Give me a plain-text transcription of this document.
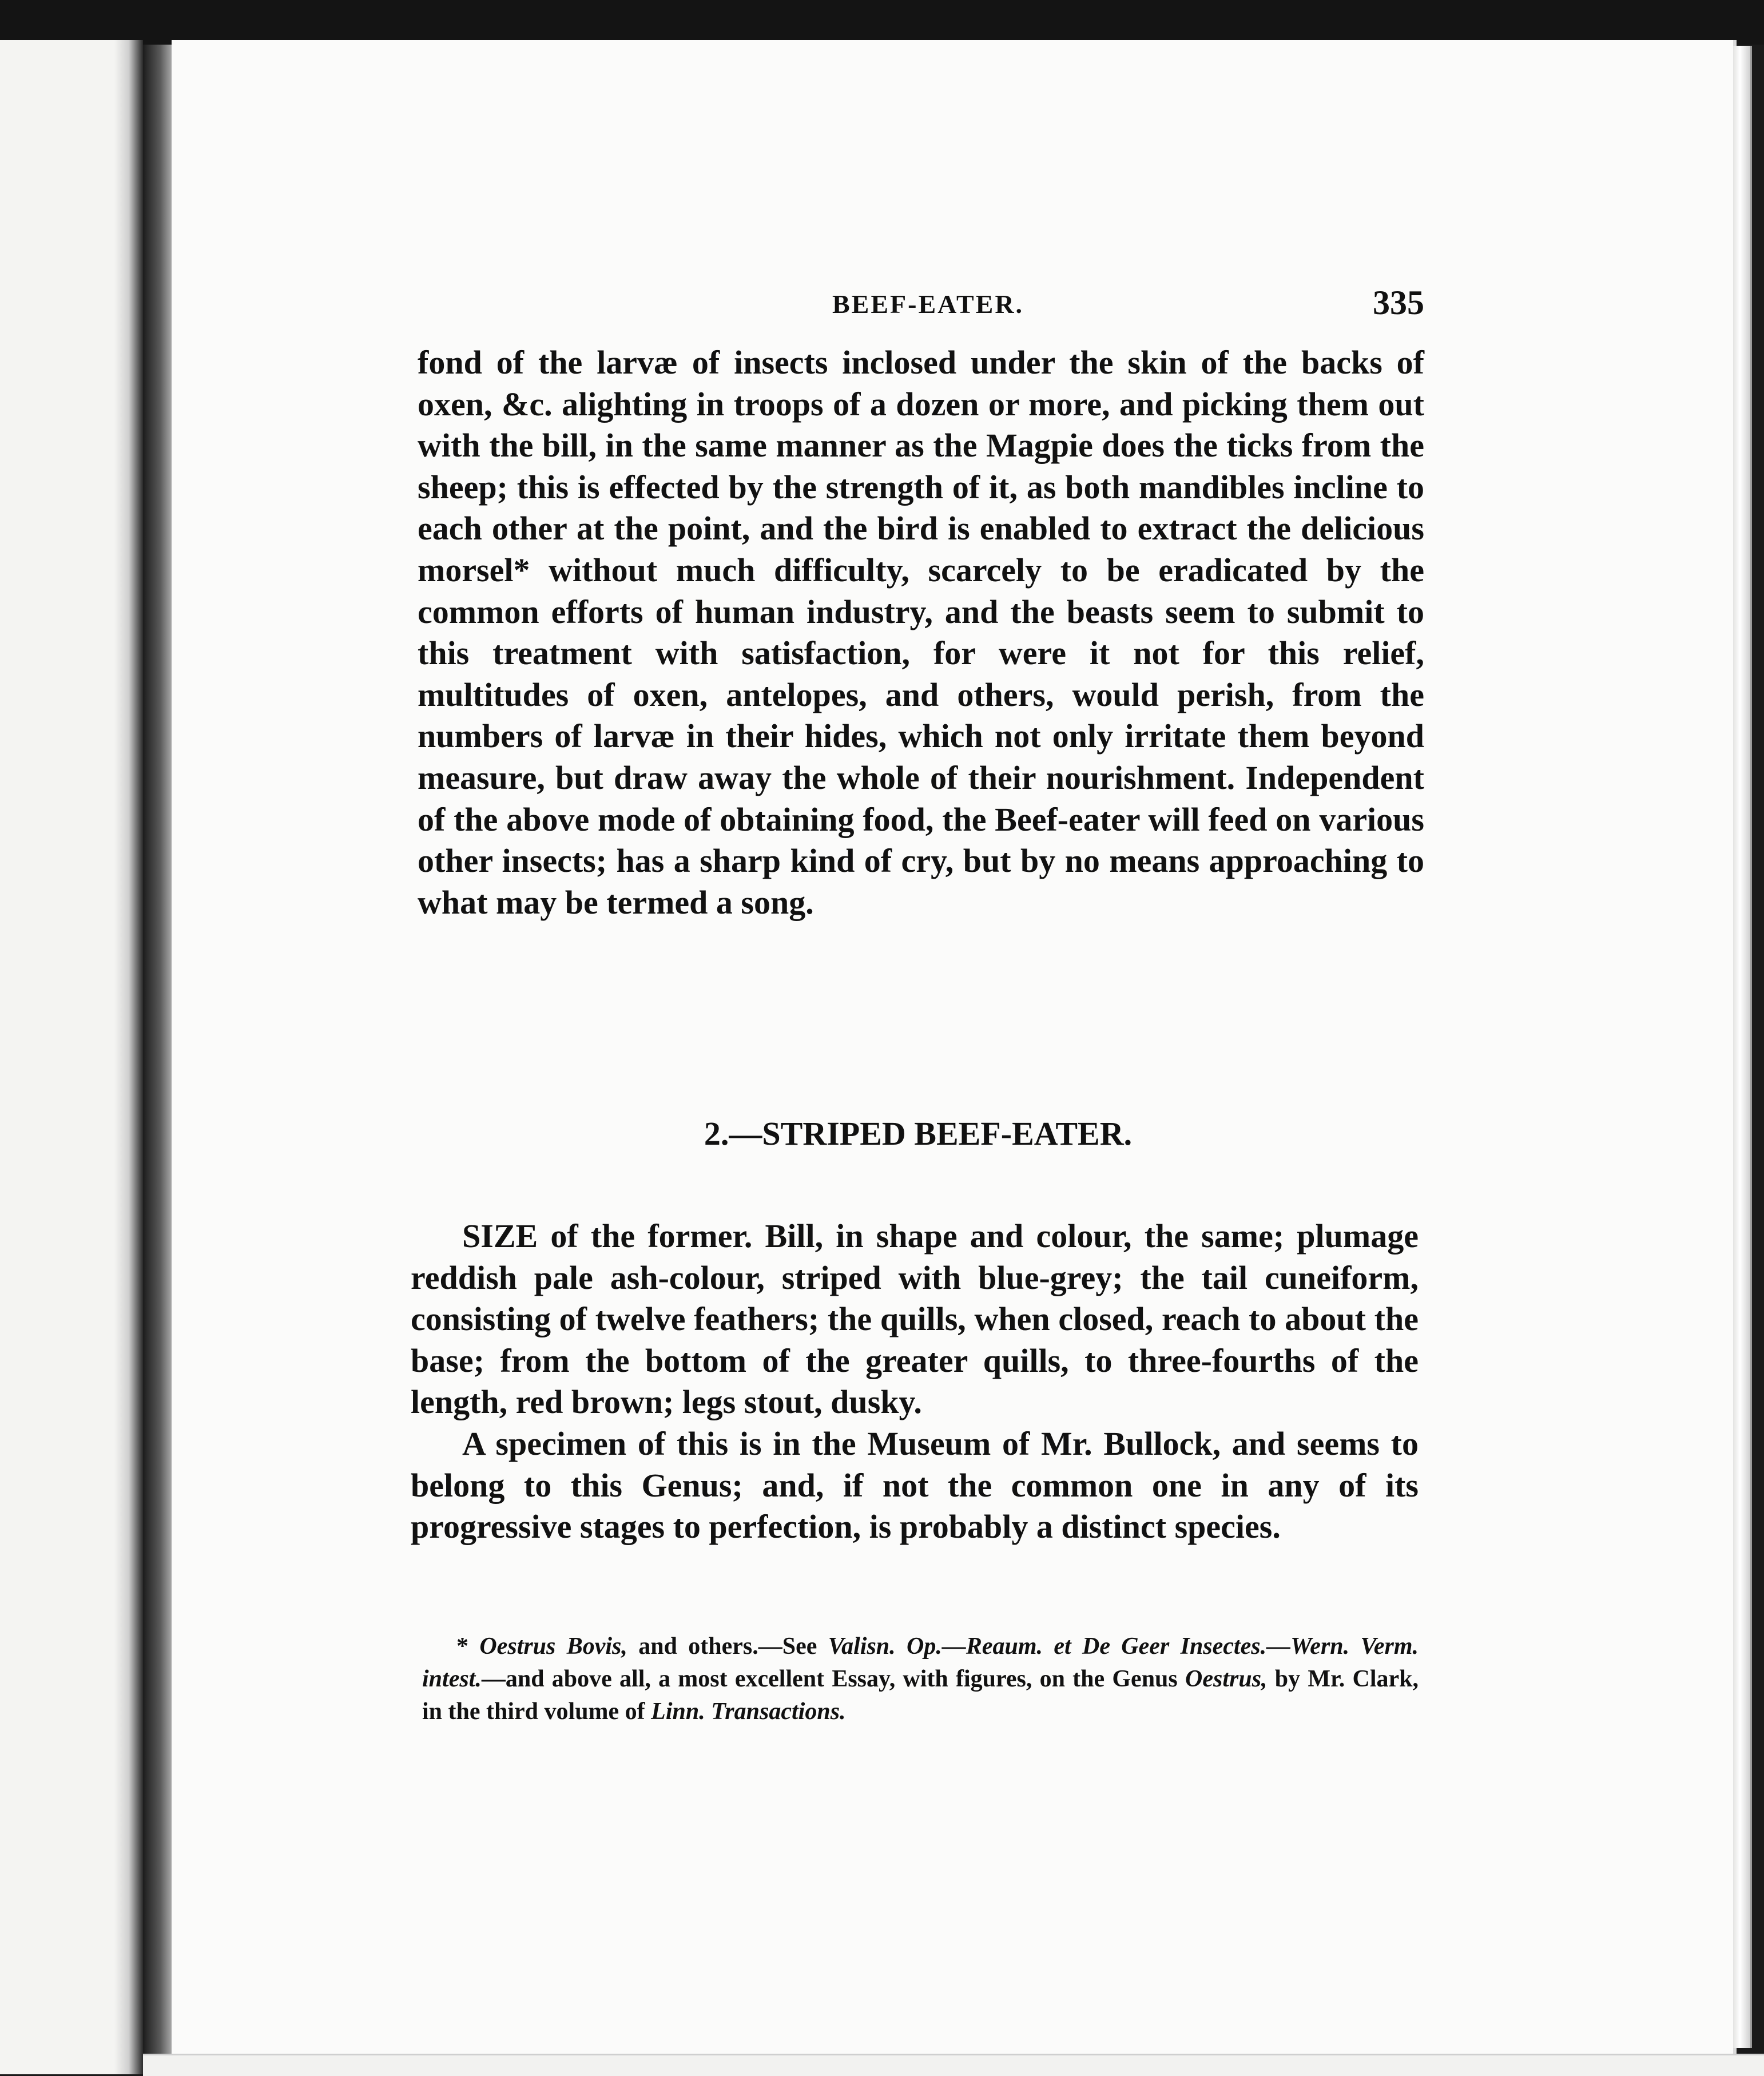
BEEF-EATER.	335
fond of the larvæ of insects inclosed under the skin of the backs of oxen, &c. alighting in troops of a dozen or more, and picking them out with the bill, in the same manner as the Magpie does the ticks from the sheep; this is effected by the strength of it, as both mandibles incline to each other at the point, and the bird is enabled to extract the delicious morsel* without much difficulty, scarcely to be eradicated by the common efforts of human industry, and the beasts seem to submit to this treatment with satisfaction, for were it not for this relief, multitudes of oxen, antelopes, and others, would perish, from the numbers of larvæ in their hides, which not only irritate them beyond measure, but draw away the whole of their nourishment. Independent of the above mode of obtaining food, the Beef-eater will feed on various other insects; has a sharp kind of cry, but by no means approaching to what may be termed a song.
2.—STRIPED BEEF-EATER.
SIZE of the former. Bill, in shape and colour, the same; plumage reddish pale ash-colour, striped with blue-grey; the tail cuneiform, consisting of twelve feathers; the quills, when closed, reach to about the base; from the bottom of the greater quills, to three-fourths of the length, red brown; legs stout, dusky.
A specimen of this is in the Museum of Mr. Bullock, and seems to belong to this Genus; and, if not the common one in any of its progressive stages to perfection, is probably a distinct species.
* Oestrus Bovis, and others.—See Valisn. Op.—Reaum. et De Geer Insectes.—Wern. Verm. intest.—and above all, a most excellent Essay, with figures, on the Genus Oestrus, by Mr. Clark, in the third volume of Linn. Transactions.
